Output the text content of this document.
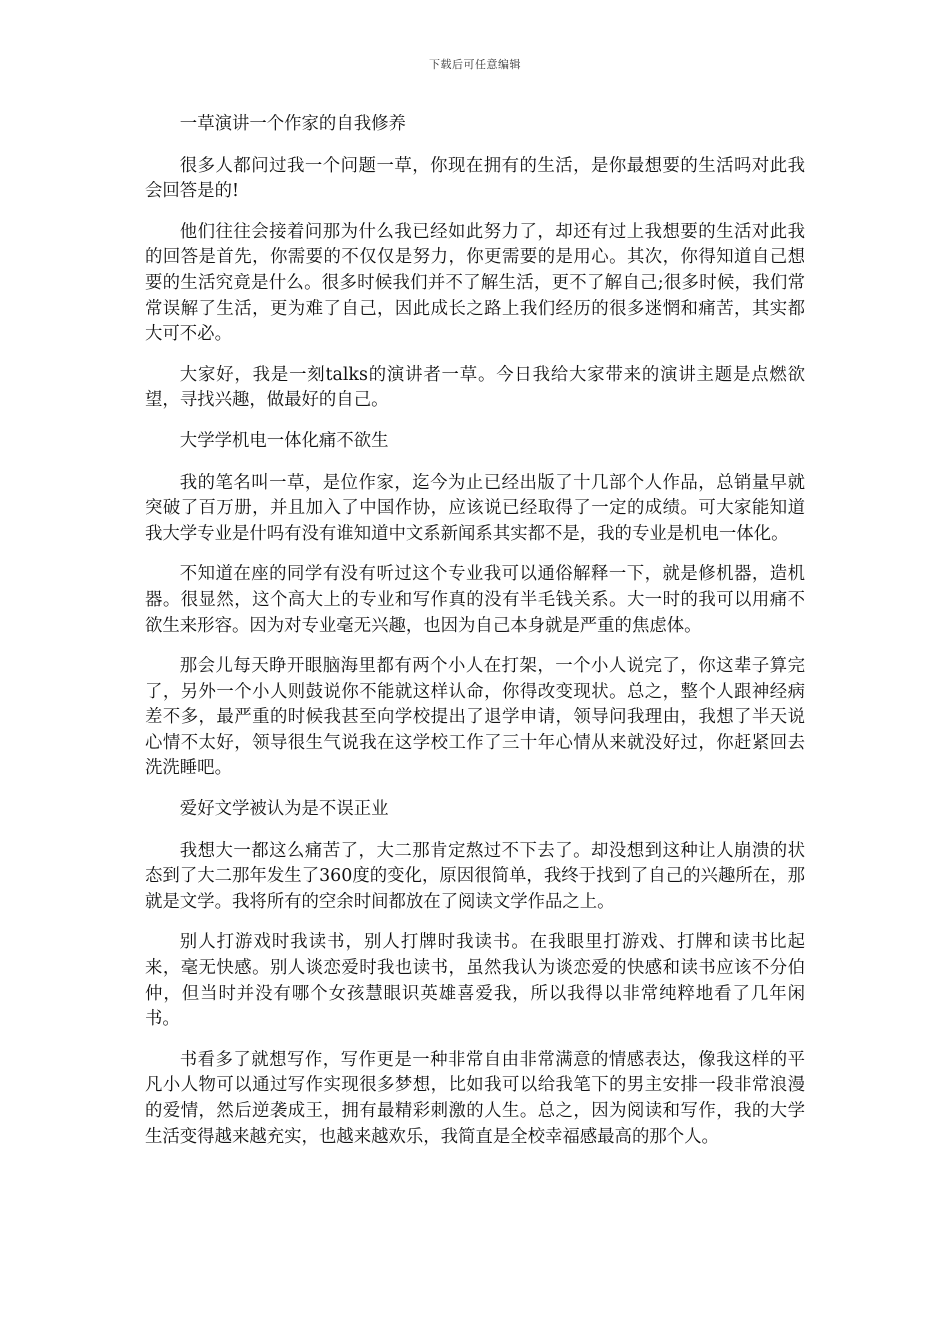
下载后可任意编辑

一草演讲一个作家的自我修养

很多人都问过我一个问题一草，你现在拥有的生活，是你最想要的生活吗对此我会回答是的!

他们往往会接着问那为什么我已经如此努力了，却还有过上我想要的生活对此我的回答是首先，你需要的不仅仅是努力，你更需要的是用心。其次，你得知道自己想要的生活究竟是什么。很多时候我们并不了解生活，更不了解自己;很多时候，我们常常误解了生活，更为难了自己，因此成长之路上我们经历的很多迷惘和痛苦，其实都大可不必。

大家好，我是一刻talks的演讲者一草。今日我给大家带来的演讲主题是点燃欲望，寻找兴趣，做最好的自己。

大学学机电一体化痛不欲生

我的笔名叫一草，是位作家，迄今为止已经出版了十几部个人作品，总销量早就突破了百万册，并且加入了中国作协，应该说已经取得了一定的成绩。可大家能知道我大学专业是什吗有没有谁知道中文系新闻系其实都不是，我的专业是机电一体化。

不知道在座的同学有没有听过这个专业我可以通俗解释一下，就是修机器，造机器。很显然，这个高大上的专业和写作真的没有半毛钱关系。大一时的我可以用痛不欲生来形容。因为对专业毫无兴趣，也因为自己本身就是严重的焦虑体。

那会儿每天睁开眼脑海里都有两个小人在打架，一个小人说完了，你这辈子算完了，另外一个小人则鼓说你不能就这样认命，你得改变现状。总之，整个人跟神经病差不多，最严重的时候我甚至向学校提出了退学申请，领导问我理由，我想了半天说心情不太好，领导很生气说我在这学校工作了三十年心情从来就没好过，你赶紧回去洗洗睡吧。

爱好文学被认为是不误正业

我想大一都这么痛苦了，大二那肯定熬过不下去了。却没想到这种让人崩溃的状态到了大二那年发生了360度的变化，原因很简单，我终于找到了自己的兴趣所在，那就是文学。我将所有的空余时间都放在了阅读文学作品之上。

别人打游戏时我读书，别人打牌时我读书。在我眼里打游戏、打牌和读书比起来，毫无快感。别人谈恋爱时我也读书，虽然我认为谈恋爱的快感和读书应该不分伯仲，但当时并没有哪个女孩慧眼识英雄喜爱我，所以我得以非常纯粹地看了几年闲书。

书看多了就想写作，写作更是一种非常自由非常满意的情感表达，像我这样的平凡小人物可以通过写作实现很多梦想，比如我可以给我笔下的男主安排一段非常浪漫的爱情，然后逆袭成王，拥有最精彩刺激的人生。总之，因为阅读和写作，我的大学生活变得越来越充实，也越来越欢乐，我简直是全校幸福感最高的那个人。
